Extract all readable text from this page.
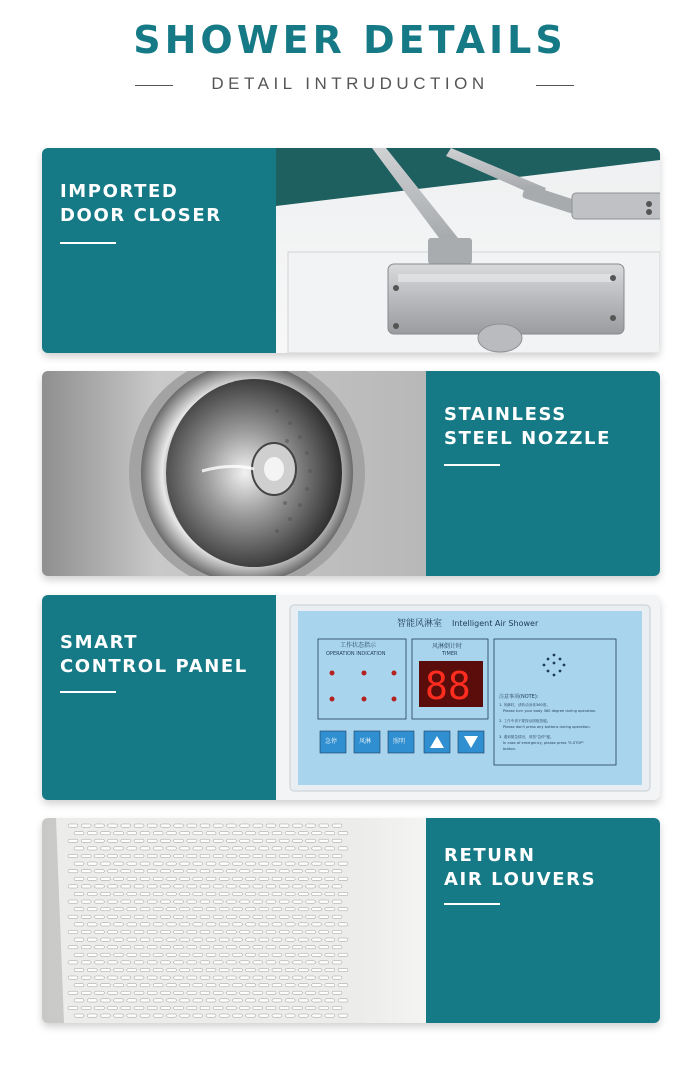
SHOWER DETAILS
DETAIL INTRUDUCTION
IMPORTED
DOOR CLOSER
STAINLESS
STEEL NOZZLE
SMART
CONTROL PANEL
智能风淋室 Intelligent Air Shower
工作状态指示
OPERATION INDICATION
风淋倒计时
TIMER
88	注意事项(NOTE):
1. 风淋时，请转动身体360度。
Please turn your body 360 degree during operation.
2. 工作中请不要按动面板按键。
Please don't press any buttons during operation.
3. 遇到紧急情况，请按"急停"键。
In case of emergency, please press "E-STOP"
button.
急停	风淋	照明
RETURN
AIR LOUVERS
